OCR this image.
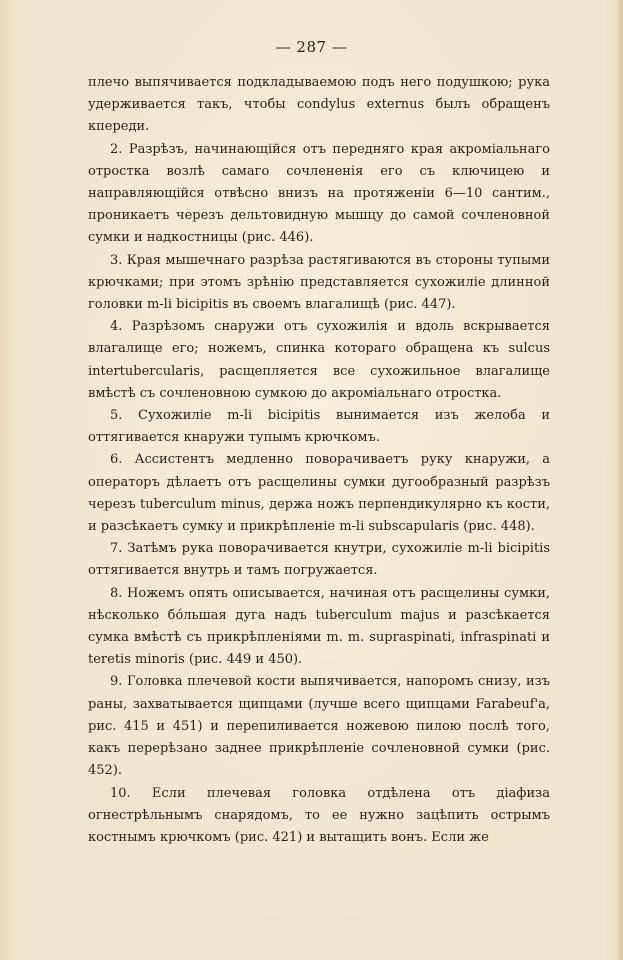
— 287 —

плечо выпячивается подкладываемою подъ него подушкою; рука удерживается такъ, чтобы condylus externus былъ обращенъ кпереди.

2. Разрѣзъ, начинающійся отъ передняго края акроміальнаго отростка возлѣ самаго сочлененія его съ ключицею и направляющійся отвѣсно внизъ на протяженіи 6—10 сантим., проникаетъ черезъ дельтовидную мышцу до самой сочленовной сумки и надкостницы (рис. 446).

3. Края мышечнаго разрѣза растягиваются въ стороны тупыми крючками; при этомъ зрѣнію представляется сухожиліе длинной головки m-li bicipitis въ своемъ влагалищѣ (рис. 447).

4. Разрѣзомъ снаружи отъ сухожилія и вдоль вскрывается влагалище его; ножемъ, спинка котораго обращена къ sulcus intertubercularis, расщепляется все сухожильное влагалище вмѣстѣ съ сочленовною сумкою до акроміальнаго отростка.

5. Сухожиліе m-li bicipitis вынимается изъ желоба и оттягивается кнаружи тупымъ крючкомъ.

6. Ассистентъ медленно поворачиваетъ руку кнаружи, а операторъ дѣлаетъ отъ расщелины сумки дугообразный разрѣзъ черезъ tuberculum minus, держа ножъ перпендикулярно къ кости, и разсѣкаетъ сумку и прикрѣпленіе m-li subscapularis (рис. 448).

7. Затѣмъ рука поворачивается кнутри, сухожиліе m-li bicipitis оттягивается внутрь и тамъ погружается.

8. Ножемъ опять описывается, начиная отъ расщелины сумки, нѣсколько бо́льшая дуга надъ tuberculum majus и разсѣкается сумка вмѣстѣ съ прикрѣпленіями m. m. supraspinati, infraspinati и teretis minoris (рис. 449 и 450).

9. Головка плечевой кости выпячивается, напоромъ снизу, изъ раны, захватывается щипцами (лучше всего щипцами Farabeuf'а, рис. 415 и 451) и перепиливается ножевою пилою послѣ того, какъ перерѣзано заднее прикрѣпленіе сочленовной сумки (рис. 452).

10. Если плечевая головка отдѣлена отъ діафиза огнестрѣльнымъ снарядомъ, то ее нужно зацѣпить острымъ костнымъ крючкомъ (рис. 421) и вытащить вонъ. Если же
